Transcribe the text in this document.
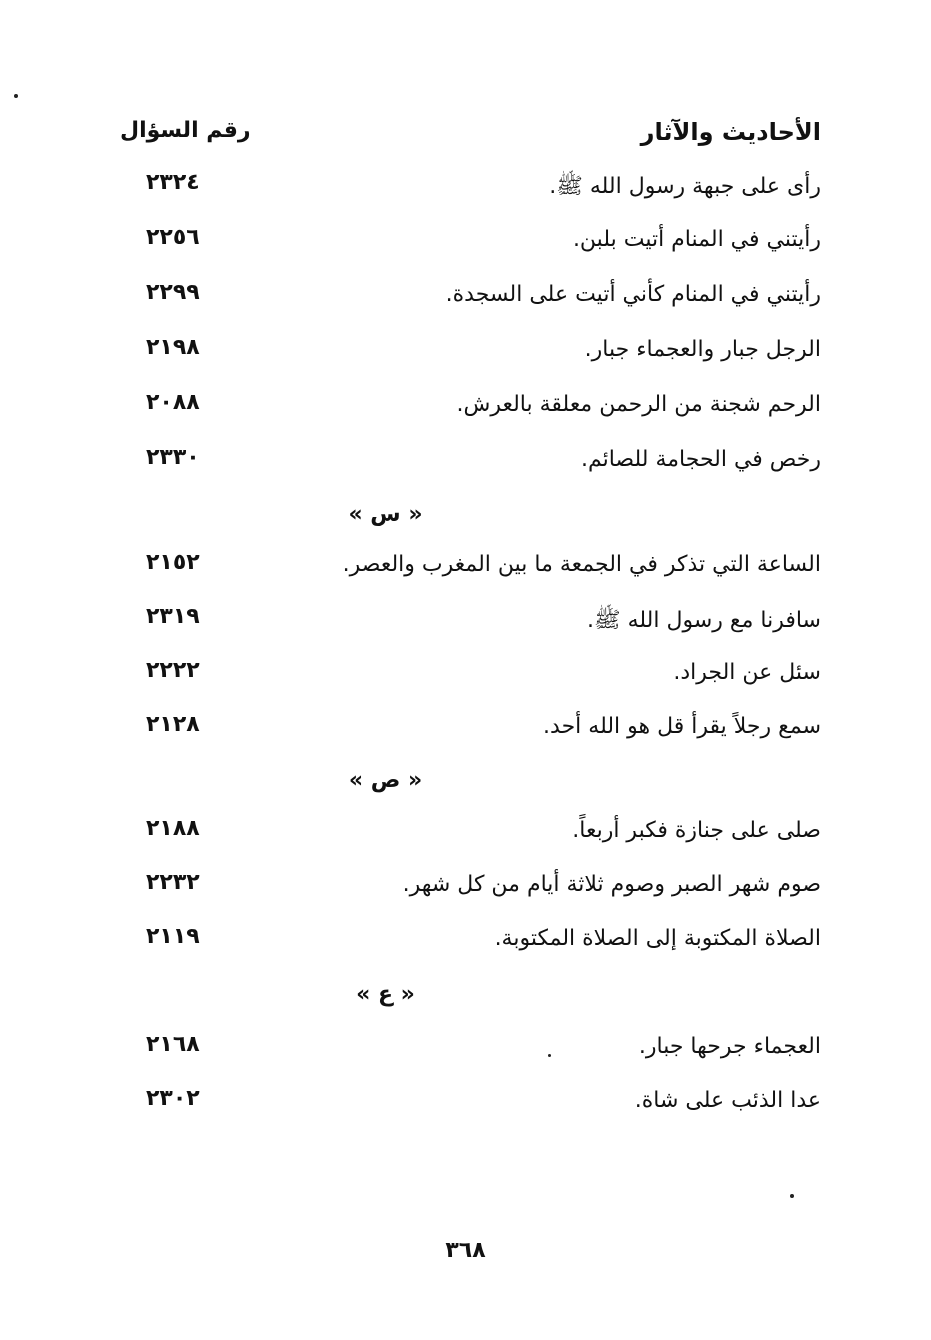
الأحاديث والآثار
رقم السؤال
رأى على جبهة رسول الله ﷺ.
٢٣٢٤
رأيتني في المنام أتيت بلبن.
٢٢٥٦
رأيتني في المنام كأني أتيت على السجدة.
٢٢٩٩
الرجل جبار والعجماء جبار.
٢١٩٨
الرحم شجنة من الرحمن معلقة بالعرش.
٢٠٨٨
رخص في الحجامة للصائم.
٢٣٣٠
« س »
الساعة التي تذكر في الجمعة ما بين المغرب والعصر.
٢١٥٢
سافرنا مع رسول الله ﷺ.
٢٣١٩
سئل عن الجراد.
٢٢٢٢
سمع رجلاً يقرأ قل هو الله أحد.
٢١٢٨
« ص »
صلى على جنازة فكبر أربعاً.
٢١٨٨
صوم شهر الصبر وصوم ثلاثة أيام من كل شهر.
٢٢٣٢
الصلاة المكتوبة إلى الصلاة المكتوبة.
٢١١٩
« ع »
العجماء جرحها جبار.
٢١٦٨
عدا الذئب على شاة.
٢٣٠٢
٣٦٨
